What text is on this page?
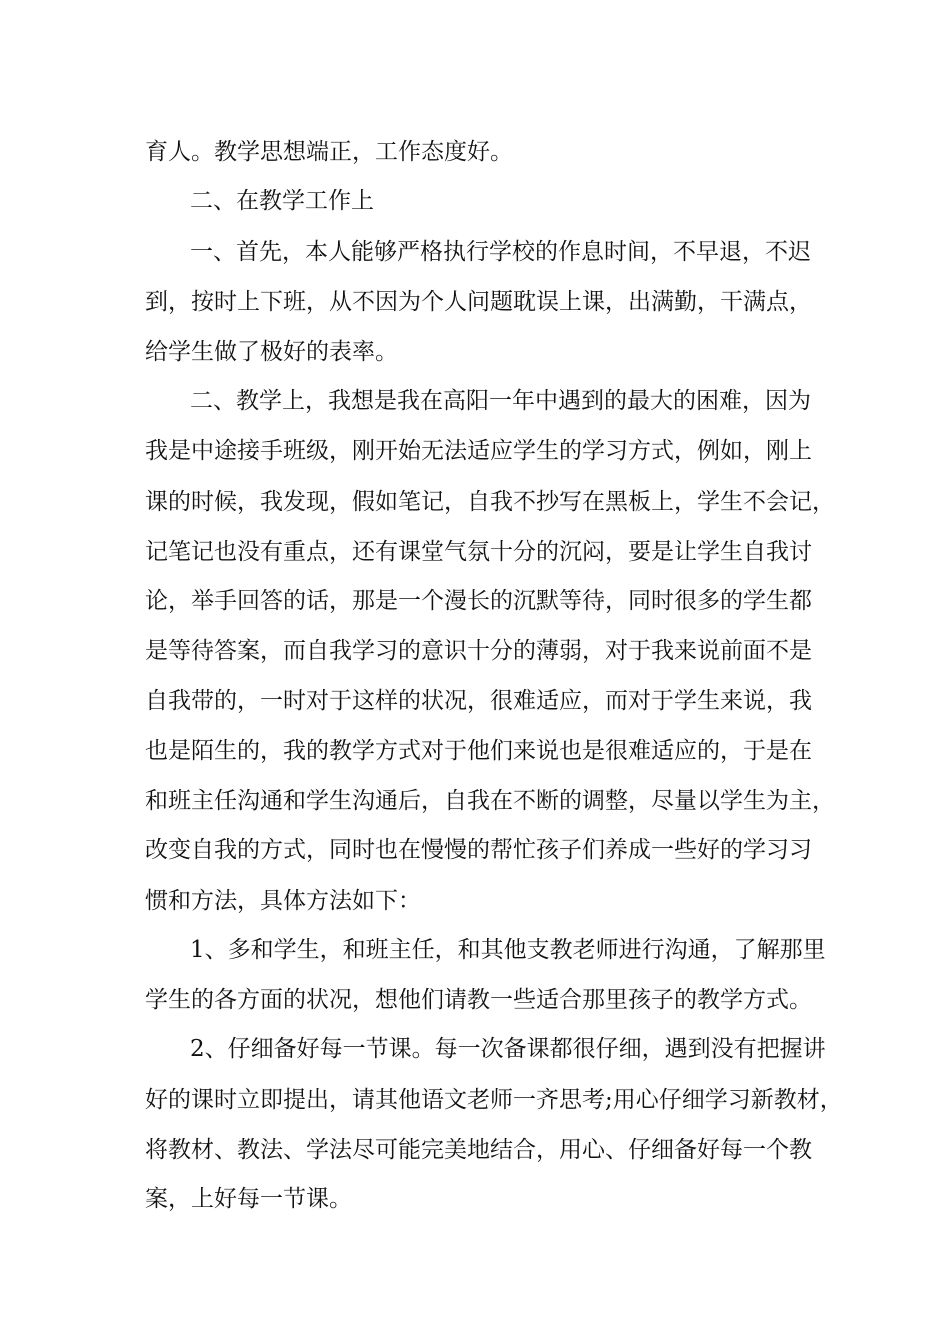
育人。教学思想端正，工作态度好。
二、在教学工作上
一、首先，本人能够严格执行学校的作息时间，不早退，不迟
到，按时上下班，从不因为个人问题耽误上课，出满勤，干满点，
给学生做了极好的表率。
二、教学上，我想是我在高阳一年中遇到的最大的困难，因为
我是中途接手班级，刚开始无法适应学生的学习方式，例如，刚上
课的时候，我发现，假如笔记，自我不抄写在黑板上，学生不会记，
记笔记也没有重点，还有课堂气氛十分的沉闷，要是让学生自我讨
论，举手回答的话，那是一个漫长的沉默等待，同时很多的学生都
是等待答案，而自我学习的意识十分的薄弱，对于我来说前面不是
自我带的，一时对于这样的状况，很难适应，而对于学生来说，我
也是陌生的，我的教学方式对于他们来说也是很难适应的，于是在
和班主任沟通和学生沟通后，自我在不断的调整，尽量以学生为主，
改变自我的方式，同时也在慢慢的帮忙孩子们养成一些好的学习习
惯和方法，具体方法如下：
1、多和学生，和班主任，和其他支教老师进行沟通，了解那里
学生的各方面的状况，想他们请教一些适合那里孩子的教学方式。
2、仔细备好每一节课。每一次备课都很仔细，遇到没有把握讲
好的课时立即提出，请其他语文老师一齐思考;用心仔细学习新教材，
将教材、教法、学法尽可能完美地结合，用心、仔细备好每一个教
案，上好每一节课。
